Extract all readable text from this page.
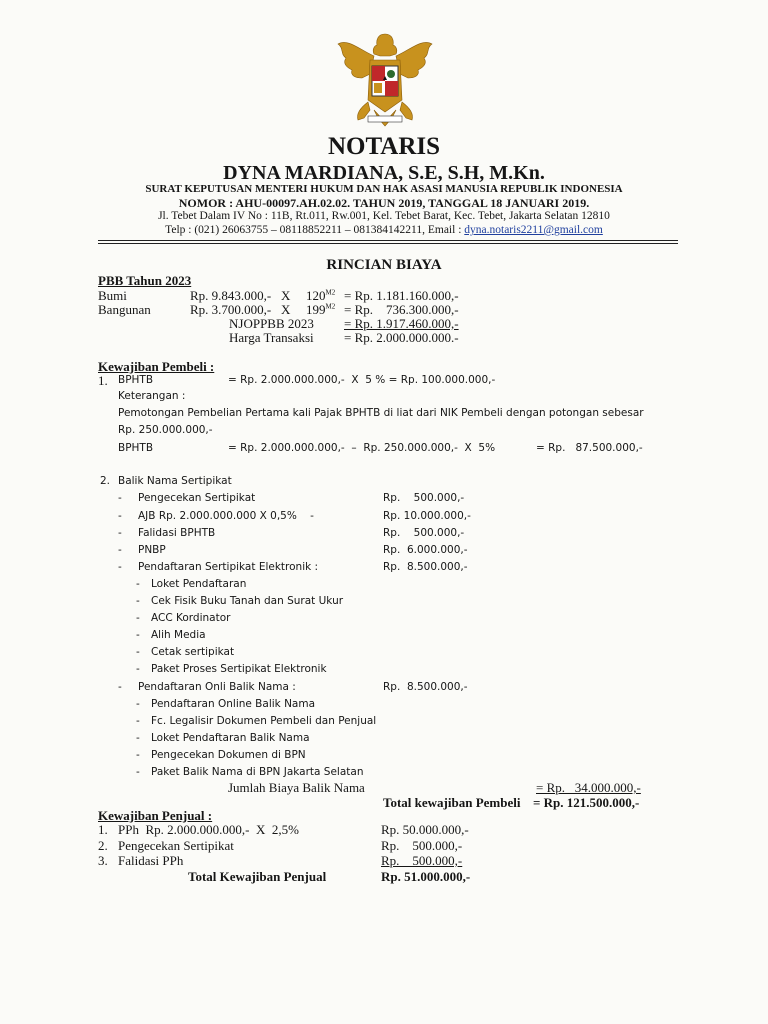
NOTARIS
DYNA MARDIANA, S.E, S.H, M.Kn.
SURAT KEPUTUSAN MENTERI HUKUM DAN HAK ASASI MANUSIA REPUBLIK INDONESIA
NOMOR : AHU-00097.AH.02.02. TAHUN 2019, TANGGAL 18 JANUARI 2019.
Jl. Tebet Dalam IV No : 11B, Rt.011, Rw.001, Kel. Tebet Barat, Kec. Tebet, Jakarta Selatan 12810
Telp : (021) 26063755 – 08118852211 – 081384142211, Email : dyna.notaris2211@gmail.com
RINCIAN BIAYA
PBB Tahun 2023
Bumi	Rp. 9.843.000,- X $120^{M2} = Rp$. 1.181.160.000,-
Bangunan	Rp. 3.700.000,- X $199^{M2} = Rp$.    736.300.000,-
NJOPPBB 2023 = Rp. 1.917.460.000,-
Harga Transaksi = Rp. 2.000.000.000.-
Kewajiban Pembeli :
1. BPHTB	= Rp. 2.000.000.000,-  X  5 % = Rp. 100.000.000,-
Keterangan :
Pemotongan Pembelian Pertama kali Pajak BPHTB di liat dari NIK Pembeli dengan potongan sebesar
Rp. 250.000.000,-
BPHTB	= Rp. 2.000.000.000,-  –  Rp. 250.000.000,-  X  5%	= Rp.   87.500.000,-
2. Balik Nama Sertipikat
- Pengecekan Sertipikat	Rp.    500.000,-
- AJB Rp. 2.000.000.000 X 0,5%    -	Rp. 10.000.000,-
- Falidasi BPHTB	Rp.    500.000,-
- PNBP	Rp.  6.000.000,-
- Pendaftaran Sertipikat Elektronik :	Rp.  8.500.000,-
- Loket Pendaftaran
- Cek Fisik Buku Tanah dan Surat Ukur
- ACC Kordinator
- Alih Media
- Cetak sertipikat
- Paket Proses Sertipikat Elektronik
- Pendaftaran Onli Balik Nama :	Rp.  8.500.000,-
- Pendaftaran Online Balik Nama
- Fc. Legalisir Dokumen Pembeli dan Penjual
- Loket Pendaftaran Balik Nama
- Pengecekan Dokumen di BPN
- Paket Balik Nama di BPN Jakarta Selatan
Jumlah Biaya Balik Nama	= Rp.   34.000.000,-
Total kewajiban Pembeli = Rp. 121.500.000,-
Kewajiban Penjual :
1. PPh  Rp. 2.000.000.000,-  X  2,5%	Rp. 50.000.000,-
2. Pengecekan Sertipikat	Rp.    500.000,-
3. Falidasi PPh	Rp.    500.000,-
Total Kewajiban Penjual	Rp. 51.000.000,-
